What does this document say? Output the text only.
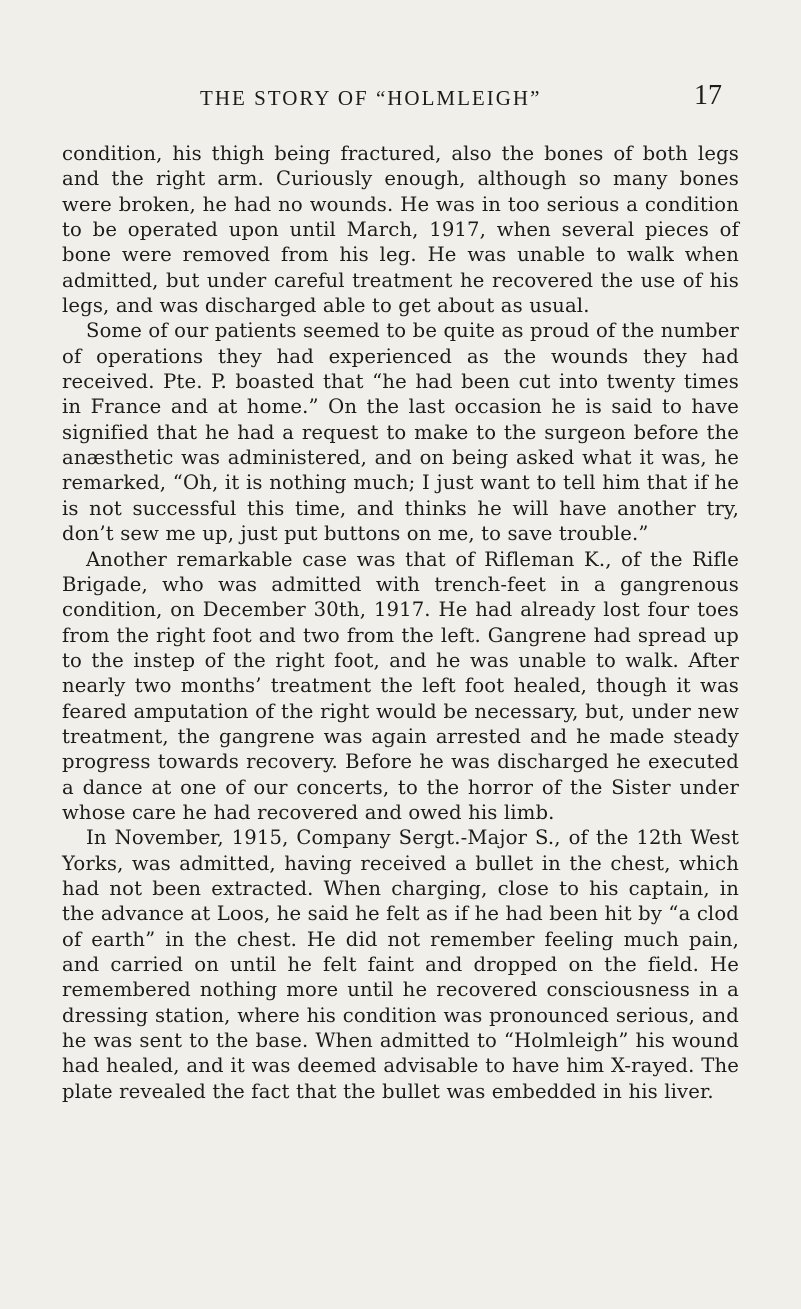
THE STORY OF “HOLMLEIGH”	17

condition, his thigh being fractured, also the bones of both legs and the right arm. Curiously enough, although so many bones were broken, he had no wounds. He was in too serious a condition to be operated upon until March, 1917, when several pieces of bone were removed from his leg. He was unable to walk when admitted, but under careful treatment he recovered the use of his legs, and was discharged able to get about as usual.

Some of our patients seemed to be quite as proud of the number of operations they had experienced as the wounds they had received. Pte. P. boasted that “he had been cut into twenty times in France and at home.” On the last occasion he is said to have signified that he had a request to make to the surgeon before the anæsthetic was administered, and on being asked what it was, he remarked, “Oh, it is nothing much; I just want to tell him that if he is not successful this time, and thinks he will have another try, don’t sew me up, just put buttons on me, to save trouble.”

Another remarkable case was that of Rifleman K., of the Rifle Brigade, who was admitted with trench-feet in a gangrenous condition, on December 30th, 1917. He had already lost four toes from the right foot and two from the left. Gangrene had spread up to the instep of the right foot, and he was unable to walk. After nearly two months’ treatment the left foot healed, though it was feared amputation of the right would be necessary, but, under new treatment, the gangrene was again arrested and he made steady progress towards recovery. Before he was discharged he executed a dance at one of our concerts, to the horror of the Sister under whose care he had recovered and owed his limb.

In November, 1915, Company Sergt.-Major S., of the 12th West Yorks, was admitted, having received a bullet in the chest, which had not been extracted. When charging, close to his captain, in the advance at Loos, he said he felt as if he had been hit by “a clod of earth” in the chest. He did not remember feeling much pain, and carried on until he felt faint and dropped on the field. He remembered nothing more until he recovered consciousness in a dressing station, where his condition was pronounced serious, and he was sent to the base. When admitted to “Holmleigh” his wound had healed, and it was deemed advisable to have him X-rayed. The plate revealed the fact that the bullet was embedded in his liver.
